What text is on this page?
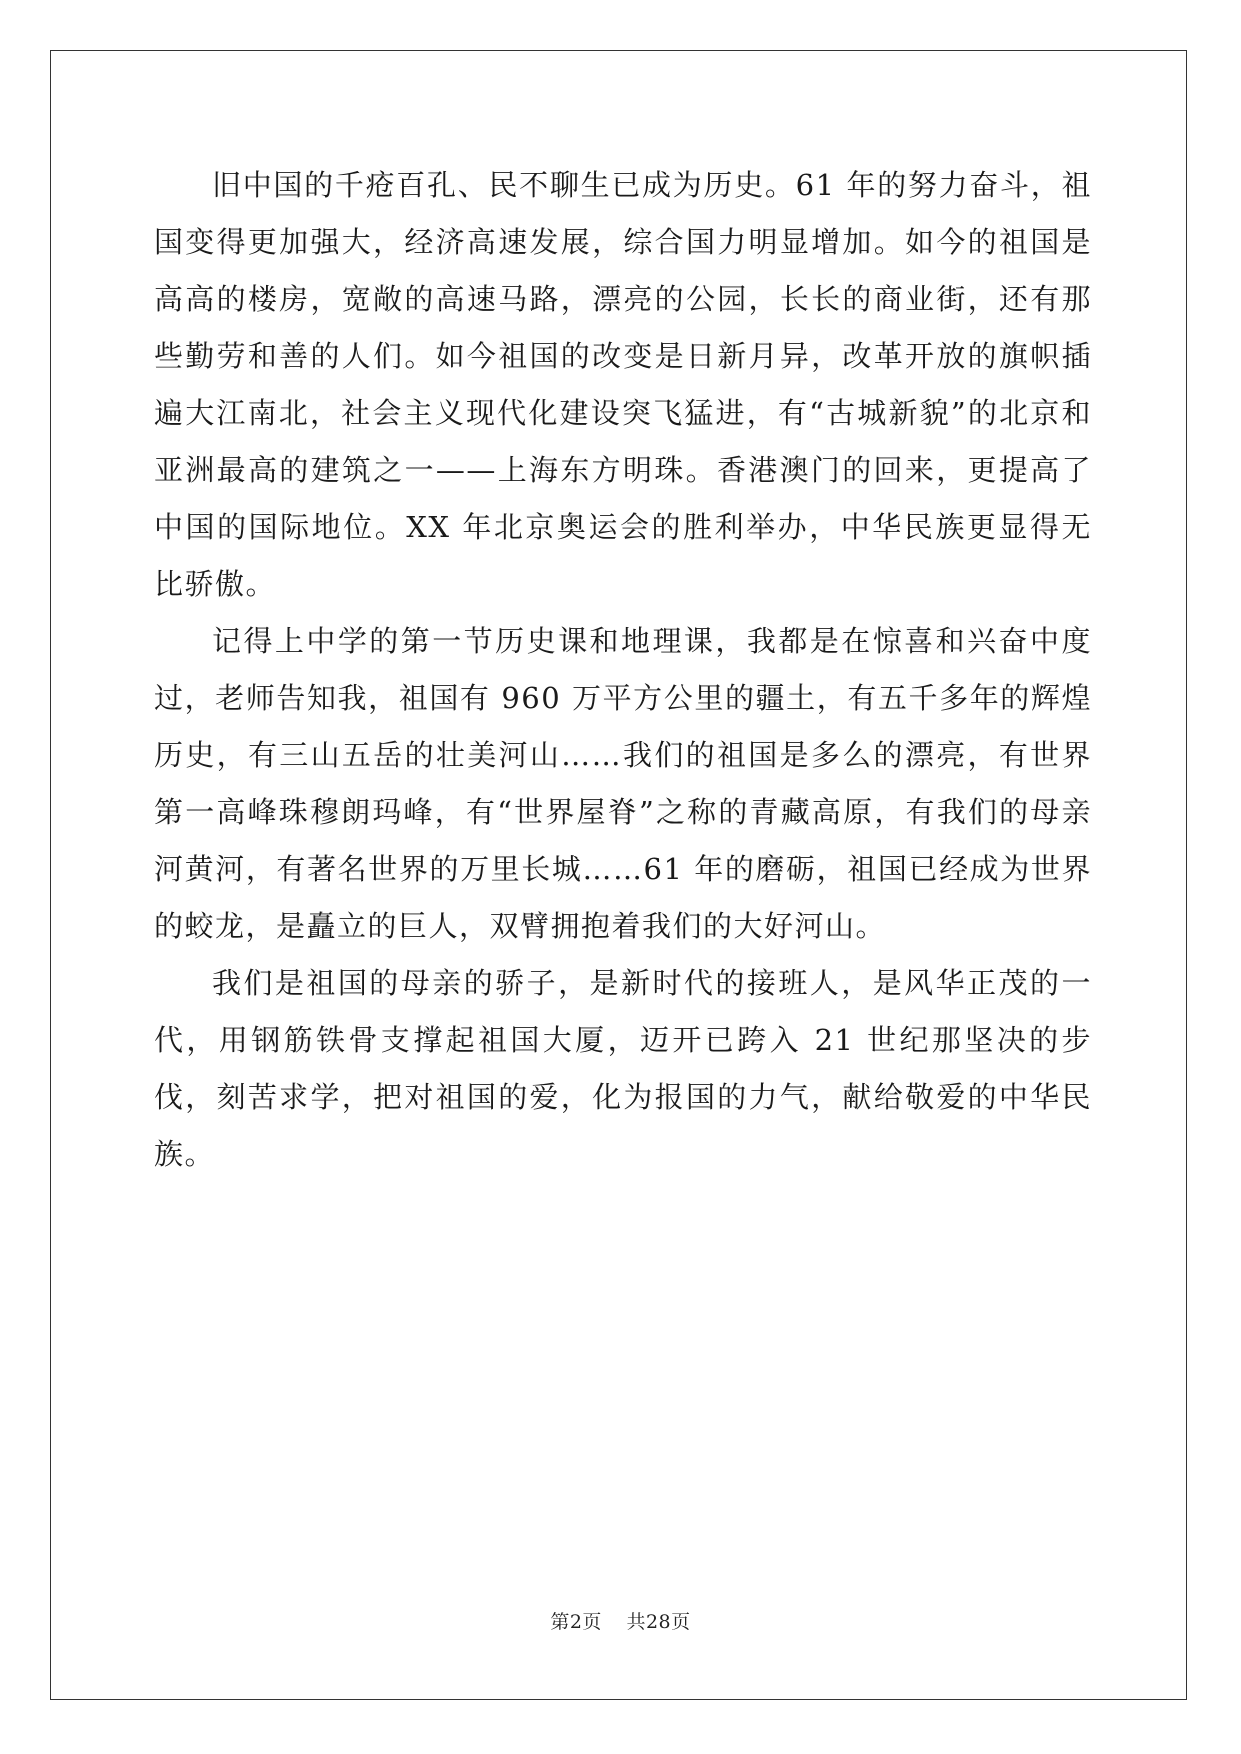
旧中国的千疮百孔、民不聊生已成为历史。61 年的努力奋斗，祖国变得更加强大，经济高速发展，综合国力明显增加。如今的祖国是高高的楼房，宽敞的高速马路，漂亮的公园，长长的商业街，还有那些勤劳和善的人们。如今祖国的改变是日新月异，改革开放的旗帜插遍大江南北，社会主义现代化建设突飞猛进，有“古城新貌”的北京和亚洲最高的建筑之一——上海东方明珠。香港澳门的回来，更提高了中国的国际地位。XX 年北京奥运会的胜利举办，中华民族更显得无比骄傲。

记得上中学的第一节历史课和地理课，我都是在惊喜和兴奋中度过，老师告知我，祖国有 960 万平方公里的疆土，有五千多年的辉煌历史，有三山五岳的壮美河山……我们的祖国是多么的漂亮，有世界第一高峰珠穆朗玛峰，有“世界屋脊”之称的青藏高原，有我们的母亲河黄河，有著名世界的万里长城……61 年的磨砺，祖国已经成为世界的蛟龙，是矗立的巨人，双臂拥抱着我们的大好河山。

我们是祖国的母亲的骄子，是新时代的接班人，是风华正茂的一代，用钢筋铁骨支撑起祖国大厦，迈开已跨入 21 世纪那坚决的步伐，刻苦求学，把对祖国的爱，化为报国的力气，献给敬爱的中华民族。

第2页 共28页
